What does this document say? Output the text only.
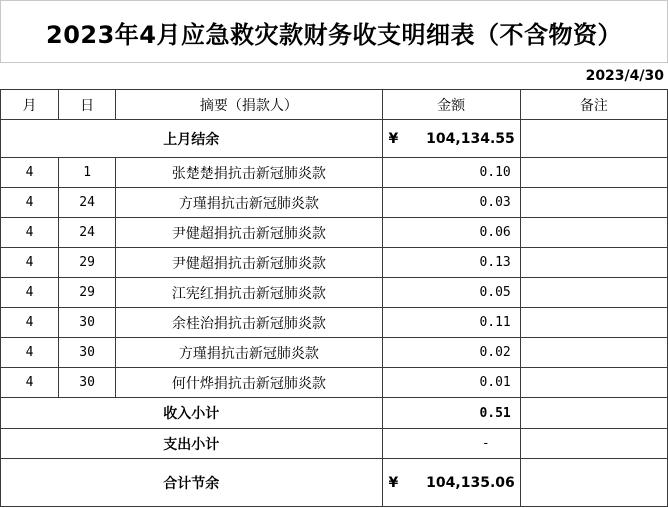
2023年4月应急救灾款财务收支明细表（不含物资）
2023/4/30
月	日	摘要（捐款人）	金额	备注
上月结余			¥ 104,134.55	

4	1	张楚楚捐抗击新冠肺炎款	0.10	
4	24	方瑾捐抗击新冠肺炎款	0.03	
4	24	尹健超捐抗击新冠肺炎款	0.06	
4	29	尹健超捐抗击新冠肺炎款	0.13	
4	29	江宪红捐抗击新冠肺炎款	0.05	
4	30	余桂治捐抗击新冠肺炎款	0.11	
4	30	方瑾捐抗击新冠肺炎款	0.02	
4	30	何什烨捐抗击新冠肺炎款	0.01	
收入小计			0.51	
支出小计			-	
合计节余			¥ 104,135.06	
